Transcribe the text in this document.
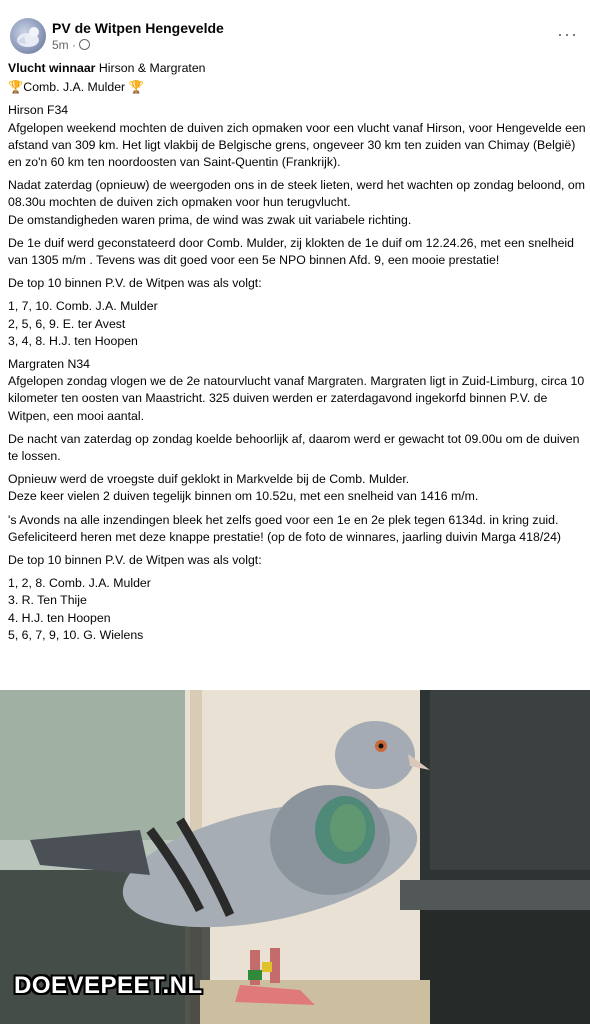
PV de Witpen Hengevelde
5m ·
···

Vlucht winnaar Hirson & Margraten

🏆Comb. J.A. Mulder 🏆

Hirson F34
Afgelopen weekend mochten de duiven zich opmaken voor een vlucht vanaf Hirson, voor Hengevelde een afstand van 309 km. Het ligt vlakbij de Belgische grens, ongeveer 30 km ten zuiden van Chimay (België) en zo'n 60 km ten noordoosten van Saint-Quentin (Frankrijk).

Nadat zaterdag (opnieuw) de weergoden ons in de steek lieten, werd het wachten op zondag beloond, om 08.30u mochten de duiven zich opmaken voor hun terugvlucht.
De omstandigheden waren prima, de wind was zwak uit variabele richting.

De 1e duif werd geconstateerd door Comb. Mulder, zij klokten de 1e duif om 12.24.26, met een snelheid van 1305 m/m . Tevens was dit goed voor een 5e NPO binnen Afd. 9, een mooie prestatie!

De top 10 binnen P.V. de Witpen was als volgt:

1, 7, 10. Comb. J.A. Mulder
2, 5, 6, 9. E. ter Avest
3, 4, 8. H.J. ten Hoopen

Margraten N34
Afgelopen zondag vlogen we de 2e natourvlucht vanaf Margraten. Margraten ligt in Zuid-Limburg, circa 10 kilometer ten oosten van Maastricht. 325 duiven werden er zaterdagavond ingekorfd binnen P.V. de Witpen, een mooi aantal.

De nacht van zaterdag op zondag koelde behoorlijk af, daarom werd er gewacht tot 09.00u om de duiven te lossen.

Opnieuw werd de vroegste duif geklokt in Markvelde bij de Comb. Mulder.
Deze keer vielen 2 duiven tegelijk binnen om 10.52u, met een snelheid van 1416 m/m.

's Avonds na alle inzendingen bleek het zelfs goed voor een 1e en 2e plek tegen 6134d. in kring zuid. Gefeliciteerd heren met deze knappe prestatie! (op de foto de winnares, jaarling duivin Marga 418/24)

De top 10 binnen P.V. de Witpen was als volgt:

1, 2, 8. Comb. J.A. Mulder
3. R. Ten Thije
4. H.J. ten Hoopen
5, 6, 7, 9, 10. G. Wielens

DOEVEPEET.NL
